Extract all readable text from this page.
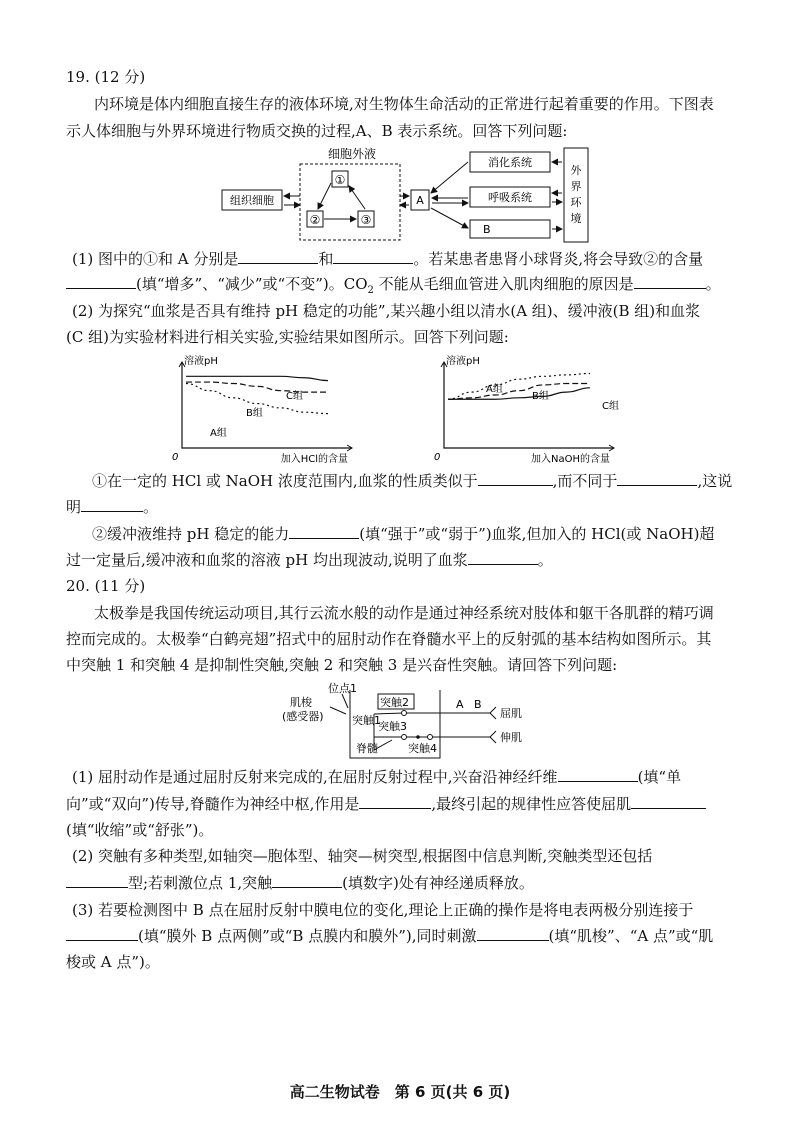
19. (12 分)
内环境是体内细胞直接生存的液体环境,对生物体生命活动的正常进行起着重要的作用。下图表
示人体细胞与外界环境进行物质交换的过程,A、B 表示系统。回答下列问题:
细胞外液
组织细胞
①
②	③
A
消化系统
呼吸系统
B
外
界
环
境
(1) 图中的①和 A 分别是	和	。若某患者患肾小球肾炎,将会导致②的含量
(填“增多”、“减少”或“不变”)。$CO_2$ 不能从毛细血管进入肌肉细胞的原因是	。
(2) 为探究“血浆是否具有维持 pH 稳定的功能”,某兴趣小组以清水(A 组)、缓冲液(B 组)和血浆
(C 组)为实验材料进行相关实验,实验结果如图所示。回答下列问题:
溶液pH
加入HCl的含量
0
C组
B组
A组
溶液pH
加入NaOH的含量
0
A组
B组
C组
①在一定的 HCl 或 NaOH 浓度范围内,血浆的性质类似于	,而不同于	,这说
明	。
②缓冲液维持 pH 稳定的能力	(填“强于”或“弱于”)血浆,但加入的 HCl(或 NaOH)超
过一定量后,缓冲液和血浆的溶液 pH 均出现波动,说明了血浆	。
20. (11 分)
太极拳是我国传统运动项目,其行云流水般的动作是通过神经系统对肢体和躯干各肌群的精巧调
控而完成的。太极拳“白鹤亮翅”招式中的屈肘动作在脊髓水平上的反射弧的基本结构如图所示。其
中突触 1 和突触 4 是抑制性突触,突触 2 和突触 3 是兴奋性突触。请回答下列问题:
位点1
肌梭
(感受器)	突触1
突触2
突触3
脊髓	突触4
A B
屈肌
伸肌
(1) 屈肘动作是通过屈肘反射来完成的,在屈肘反射过程中,兴奋沿神经纤维	(填“单
向”或“双向”)传导,脊髓作为神经中枢,作用是	,最终引起的规律性应答使屈肌
(填“收缩”或“舒张”)。
(2) 突触有多种类型,如轴突—胞体型、轴突—树突型,根据图中信息判断,突触类型还包括
型;若刺激位点 1,突触	(填数字)处有神经递质释放。
(3) 若要检测图中 B 点在屈肘反射中膜电位的变化,理论上正确的操作是将电表两极分别连接于
(填“膜外 B 点两侧”或“B 点膜内和膜外”),同时刺激	(填“肌梭”、“A 点”或“肌
梭或 A 点”)。
高二生物试卷　第 6 页(共 6 页)
